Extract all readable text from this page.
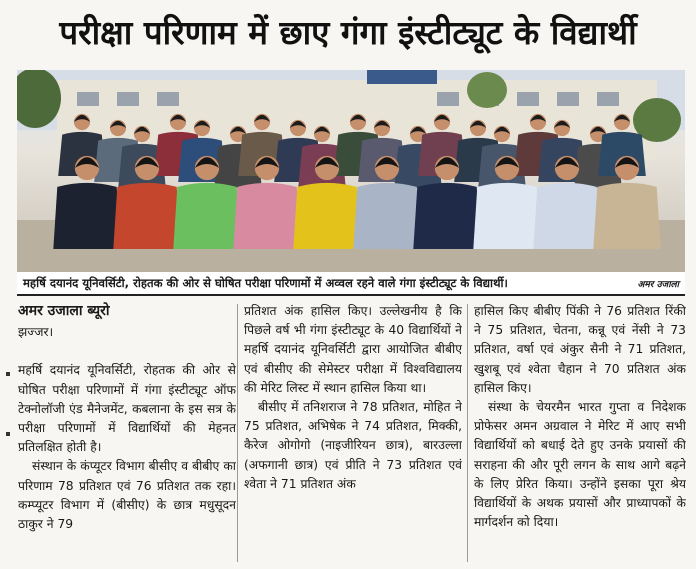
परीक्षा परिणाम में छाए गंगा इंस्टीट्यूट के विद्यार्थी
महर्षि दयानंद यूनिवर्सिटी, रोहतक की ओर से घोषित परीक्षा परिणामों में अव्वल रहने वाले गंगा इंस्टीट्यूट के विद्यार्थी।	अमर उजाला
अमर उजाला ब्यूरो
झज्जर।

महर्षि दयानंद यूनिवर्सिटी, रोहतक की ओर से घोषित परीक्षा परिणामों में गंगा इंस्टीट्यूट ऑफ टेक्नोलॉजी एंड मैनेजमेंट, कबलाना के इस सत्र के परीक्षा परिणामों में विद्यार्थियों की मेहनत प्रतिलक्षित होती है।

संस्थान के कंप्यूटर विभाग बीसीए व बीबीए का परिणाम 78 प्रतिशत एवं 76 प्रतिशत तक रहा। कम्प्यूटर विभाग में (बीसीए) के छात्र मधुसूदन ठाकुर ने 79

प्रतिशत अंक हासिल किए। उल्लेखनीय है कि पिछले वर्ष भी गंगा इंस्टीट्यूट के 40 विद्यार्थियों ने महर्षि दयानंद यूनिवर्सिटी द्वारा आयोजित बीबीए एवं बीसीए की सेमेस्टर परीक्षा में विश्वविद्यालय की मेरिट लिस्ट में स्थान हासिल किया था।

बीसीए में तनिशराज ने 78 प्रतिशत, मोहित ने 75 प्रतिशत, अभिषेक ने 74 प्रतिशत, मिक्की, कैरेज ओगोगो (नाइजीरियन छात्र), बारउल्ला (अफगानी छात्र) एवं प्रीति ने 73 प्रतिशत एवं श्वेता ने 71 प्रतिशत अंक

हासिल किए बीबीए पिंकी ने 76 प्रतिशत रिंकी ने 75 प्रतिशत, चेतना, कन्नू एवं नेंसी ने 73 प्रतिशत, वर्षा एवं अंकुर सैनी ने 71 प्रतिशत, खुशबू एवं श्वेता चैहान ने 70 प्रतिशत अंक हासिल किए।

संस्था के चेयरमैन भारत गुप्ता व निदेशक प्रोफेसर अमन अग्रवाल ने मेरिट में आए सभी विद्यार्थियों को बधाई देते हुए उनके प्रयासों की सराहना की और पूरी लगन के साथ आगे बढ़ने के लिए प्रेरित किया। उन्होंने इसका पूरा श्रेय विद्यार्थियों के अथक प्रयासों और प्राध्यापकों के मार्गदर्शन को दिया।
